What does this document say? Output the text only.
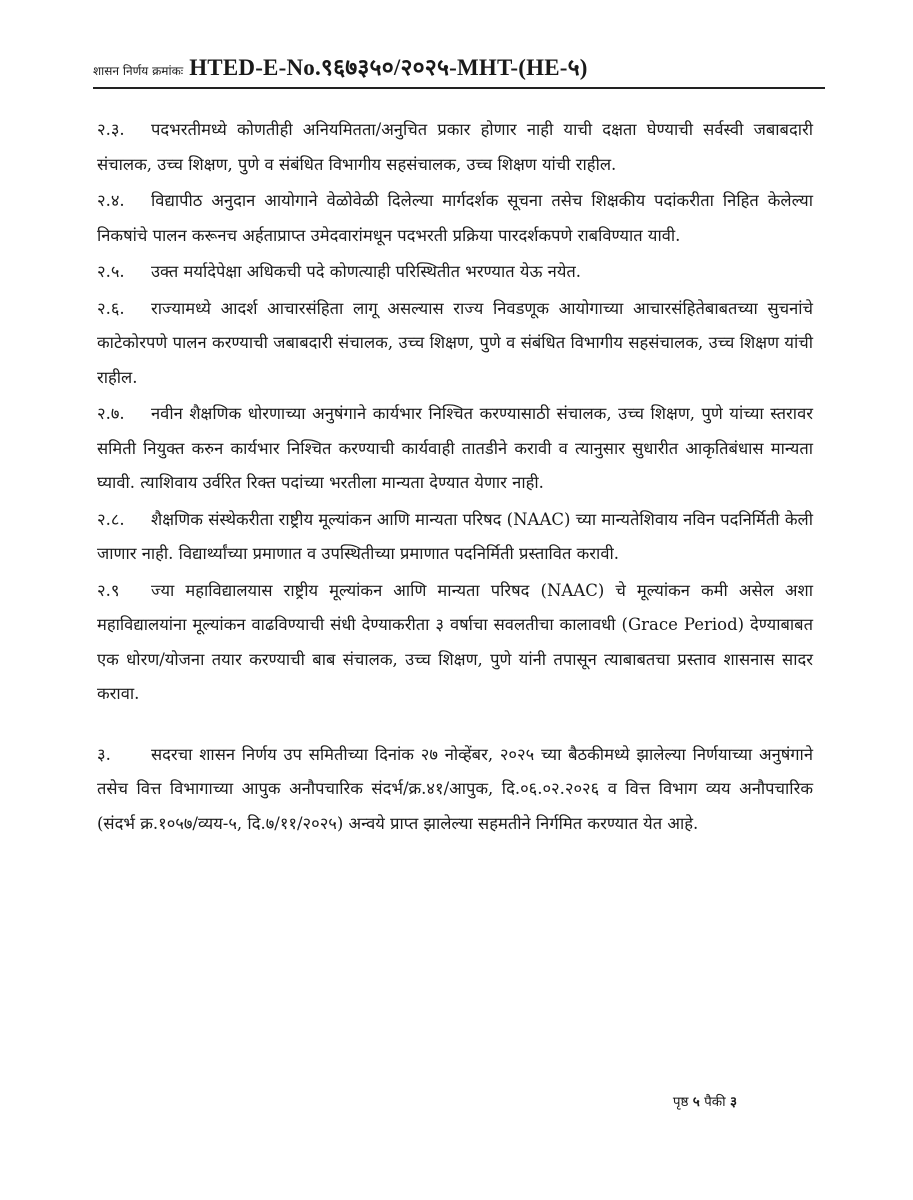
शासन निर्णय क्रमांकः HTED-E-No.९६७३५०/२०२५-MHT-(HE-५)

२.३. पदभरतीमध्ये कोणतीही अनियमितता/अनुचित प्रकार होणार नाही याची दक्षता घेण्याची सर्वस्वी जबाबदारी संचालक, उच्च शिक्षण, पुणे व संबंधित विभागीय सहसंचालक, उच्च शिक्षण यांची राहील.

२.४. विद्यापीठ अनुदान आयोगाने वेळोवेळी दिलेल्या मार्गदर्शक सूचना तसेच शिक्षकीय पदांकरीता निहित केलेल्या निकषांचे पालन करूनच अर्हताप्राप्त उमेदवारांमधून पदभरती प्रक्रिया पारदर्शकपणे राबविण्यात यावी.

२.५. उक्त मर्यादेपेक्षा अधिकची पदे कोणत्याही परिस्थितीत भरण्यात येऊ नयेत.

२.६. राज्यामध्ये आदर्श आचारसंहिता लागू असल्यास राज्य निवडणूक आयोगाच्या आचारसंहितेबाबतच्या सुचनांचे काटेकोरपणे पालन करण्याची जबाबदारी संचालक, उच्च शिक्षण, पुणे व संबंधित विभागीय सहसंचालक, उच्च शिक्षण यांची राहील.

२.७. नवीन शैक्षणिक धोरणाच्या अनुषंगाने कार्यभार निश्चित करण्यासाठी संचालक, उच्च शिक्षण, पुणे यांच्या स्तरावर समिती नियुक्त करुन कार्यभार निश्चित करण्याची कार्यवाही तातडीने करावी व त्यानुसार सुधारीत आकृतिबंधास मान्यता घ्यावी. त्याशिवाय उर्वरित रिक्त पदांच्या भरतीला मान्यता देण्यात येणार नाही.

२.८. शैक्षणिक संस्थेकरीता राष्ट्रीय मूल्यांकन आणि मान्यता परिषद (NAAC) च्या मान्यतेशिवाय नविन पदनिर्मिती केली जाणार नाही. विद्यार्थ्यांच्या प्रमाणात व उपस्थितीच्या प्रमाणात पदनिर्मिती प्रस्तावित करावी.

२.९ ज्या महाविद्यालयास राष्ट्रीय मूल्यांकन आणि मान्यता परिषद (NAAC) चे मूल्यांकन कमी असेल अशा महाविद्यालयांना मूल्यांकन वाढविण्याची संधी देण्याकरीता ३ वर्षाचा सवलतीचा कालावधी (Grace Period) देण्याबाबत एक धोरण/योजना तयार करण्याची बाब संचालक, उच्च शिक्षण, पुणे यांनी तपासून त्याबाबतचा प्रस्ताव शासनास सादर करावा.

३. सदरचा शासन निर्णय उप समितीच्या दिनांक २७ नोव्हेंबर, २०२५ च्या बैठकीमध्ये झालेल्या निर्णयाच्या अनुषंगाने तसेच वित्त विभागाच्या आपुक अनौपचारिक संदर्भ/क्र.४१/आपुक, दि.०६.०२.२०२६ व वित्त विभाग व्यय अनौपचारिक (संदर्भ क्र.१०५७/व्यय-५, दि.७/११/२०२५) अन्वये प्राप्त झालेल्या सहमतीने निर्गमित करण्यात येत आहे.

पृष्ठ ५ पैकी ३
